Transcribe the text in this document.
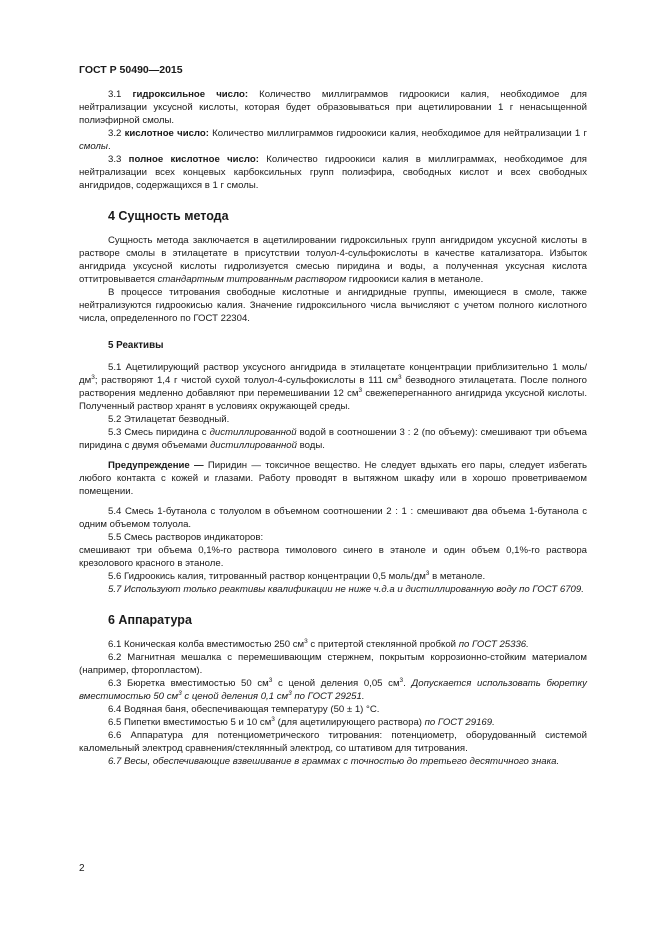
ГОСТ Р 50490—2015

3.1 гидроксильное число: Количество миллиграммов гидроокиси калия, необходимое для нейтрализации уксусной кислоты, которая будет образовываться при ацетилировании 1 г ненасыщенной полиэфирной смолы.

3.2 кислотное число: Количество миллиграммов гидроокиси калия, необходимое для нейтрализации 1 г смолы.

3.3 полное кислотное число: Количество гидроокиси калия в миллиграммах, необходимое для нейтрализации всех концевых карбоксильных групп полиэфира, свободных кислот и всех свободных ангидридов, содержащихся в 1 г смолы.

4 Сущность метода

Сущность метода заключается в ацетилировании гидроксильных групп ангидридом уксусной кислоты в растворе смолы в этилацетате в присутствии толуол-4-сульфокислоты в качестве катализатора. Избыток ангидрида уксусной кислоты гидролизуется смесью пиридина и воды, а полученная уксусная кислота оттитровывается стандартным титрованным раствором гидроокиси калия в метаноле.

В процессе титрования свободные кислотные и ангидридные группы, имеющиеся в смоле, также нейтрализуются гидроокисью калия. Значение гидроксильного числа вычисляют с учетом полного кислотного числа, определенного по ГОСТ 22304.

5 Реактивы

5.1 Ацетилирующий раствор уксусного ангидрида в этилацетате концентрации приблизительно 1 моль/$дм^3$; растворяют 1,4 г чистой сухой толуол-4-сульфокислоты в 111 $см^3$ безводного этилацетата. После полного растворения медленно добавляют при перемешивании 12 $см^3$ свежеперегнанного ангидрида уксусной кислоты. Полученный раствор хранят в условиях окружающей среды.

5.2 Этилацетат безводный.

5.3 Смесь пиридина с дистиллированной водой в соотношении 3 : 2 (по объему): смешивают три объема пиридина с двумя объемами дистиллированной воды.

Предупреждение — Пиридин — токсичное вещество. Не следует вдыхать его пары, следует избегать любого контакта с кожей и глазами. Работу проводят в вытяжном шкафу или в хорошо проветриваемом помещении.

5.4 Смесь 1-бутанола с толуолом в объемном соотношении 2 : 1 : смешивают два объема 1-бутанола с одним объемом толуола.

5.5 Смесь растворов индикаторов:

смешивают три объема 0,1%-го раствора тимолового синего в этаноле и один объем 0,1%-го раствора крезолового красного в этаноле.

5.6 Гидроокись калия, титрованный раствор концентрации 0,5 моль/$дм^3$ в метаноле.

5.7 Используют только реактивы квалификации не ниже ч.д.а и дистиллированную воду по ГОСТ 6709.

6 Аппаратура

6.1 Коническая колба вместимостью 250 $см^3$ с притертой стеклянной пробкой по ГОСТ 25336.

6.2 Магнитная мешалка с перемешивающим стержнем, покрытым коррозионно-стойким материалом (например, фторопластом).

6.3 Бюретка вместимостью 50 $см^3$ с ценой деления 0,05 $см^3$. Допускается использовать бюретку вместимостью 50 $см^3$ с ценой деления 0,1 $см^3$ по ГОСТ 29251.

6.4 Водяная баня, обеспечивающая температуру (50 ± 1) °С.

6.5 Пипетки вместимостью 5 и 10 $см^3$ (для ацетилирующего раствора) по ГОСТ 29169.

6.6 Аппаратура для потенциометрического титрования: потенциометр, оборудованный системой каломельный электрод сравнения/стеклянный электрод, со штативом для титрования.

6.7 Весы, обеспечивающие взвешивание в граммах с точностью до третьего десятичного знака.

2
